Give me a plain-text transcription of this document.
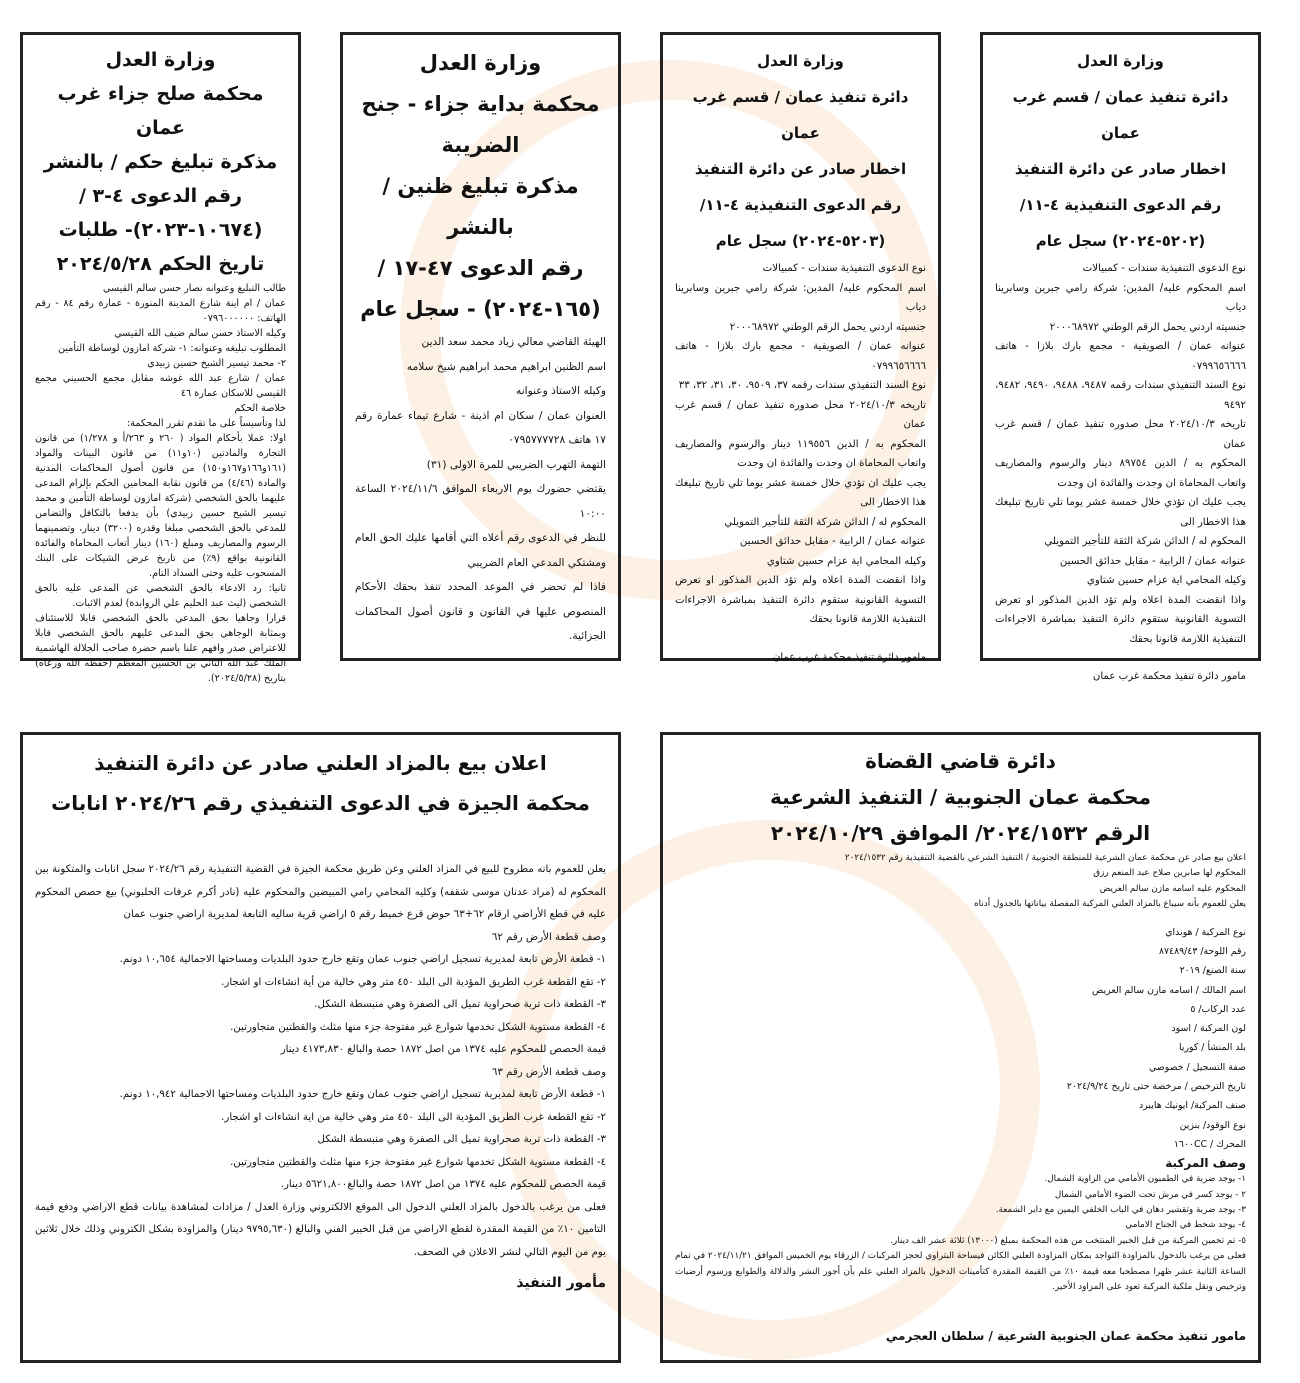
وزارة العدل
محكمة صلح جزاء غرب عمان
مذكرة تبليغ حكم / بالنشر
رقم الدعوى ٤-٣ / (١٠٦٧٤-٢٠٢٣)- طلبات
تاريخ الحكم ٢٠٢٤/٥/٢٨

طالب التبليغ وعنوانه نصار حسن سالم القيسي

عمان / ام اينة شارع المدينة المنورة - عمارة رقم ٨٤ - رقم الهاتف: ٠٧٩٦٠٠٠٠٠٠

وكيله الاستاذ حسن سالم ضيف الله القيسي

المطلوب تبليغه وعنوانه: ١- شركة امازون لوساطة التأمين

٢- محمد تيسير الشيخ حسين زبيدي

عمان / شارع عبد الله غوشه مقابل مجمع الحسيني مجمع القيسي للاسكان عمارة ٤٦

خلاصة الحكم

لذا وتأسيساً على ما تقدم تقرر المحكمة:

اولا: عملا بأحكام المواد ( ٢٦٠ و ٢٦٣/أ و ١/٢٧٨) من قانون التجارة والمادتين (١٠و١١) من قانون البينات والمواد (١٦١و١٦٦و١٦٧و١٥٠) من قانون أصول المحاكمات المدنية والمادة (٤/٤٦) من قانون نقابة المحامين الحكم بإلزام المدعى عليهما بالحق الشخصي (شركة امازون لوساطة التأمين و محمد تيسير الشيخ حسين زبيدي) بأن يدفعا بالتكافل والتضامن للمدعي بالحق الشخصي مبلغا وقدره (٣٢٠٠) دينار، وتضمينهما الرسوم والمصاريف ومبلغ (١٦٠) دينار أتعاب المحاماة والفائدة القانونية بواقع (٩٪) من تاريخ عرض الشيكات على البنك المسحوب عليه وحتى السداد التام.

ثانيا: رد الادعاء بالحق الشخصي عن المدعى عليه بالحق الشخصي (ليث عبد الحليم علي الروابدة) لعدم الاثبات.

قرارا وجاهيا بحق المدعي بالحق الشخصي قابلا للاستئناف وبمثابة الوجاهي بحق المدعى عليهم بالحق الشخصي قابلا للاعتراض صدر وافهم علنا باسم حضرة صاحب الجلالة الهاشمية الملك عبد الله الثاني بن الحسين المعظم (حفظه الله ورعاه) بتاريخ (٢٠٢٤/٥/٢٨).

وزارة العدل
محكمة بداية جزاء - جنح الضريبة
مذكرة تبليغ ظنين / بالنشر
رقم الدعوى ٤٧-١٧ / (١٦٥-٢٠٢٤) - سجل عام

الهيئة القاضي معالي زياد محمد سعد الدين

اسم الظنين ابراهيم محمد ابراهيم شيخ سلامه

وكيله الاستاذ وعنوانه

العنوان عمان / سكان ام اذينة - شارع تيماء عمارة رقم ١٧ هاتف ٠٧٩٥٧٧٧٧٢٨

التهمة التهرب الضريبي للمرة الاولى (٣١)

يقتضي حضورك يوم الاربعاء الموافق ٢٠٢٤/١١/٦ الساعة ١٠:٠٠

للنظر في الدعوى رقم أعلاه التي أقامها عليك الحق العام ومشتكي المدعي العام الضريبي

فاذا لم تحضر في الموعد المحدد تنفذ بحقك الأحكام المنصوص عليها في القانون و قانون أصول المحاكمات الجزائية.

وزارة العدل
دائرة تنفيذ عمان / قسم غرب عمان
اخطار صادر عن دائرة التنفيذ
رقم الدعوى التنفيذية ٤-١١/
(٥٢٠٣-٢٠٢٤) سجل عام

نوع الدعوى التنفيذية سندات - كمبيالات

اسم المحكوم عليه/ المدين: شركة رامي جبرين وسابرينا دياب

جنسيته اردني يحمل الرقم الوطني ٢٠٠٠٦٨٩٧٢

عنوانه عمان / الصويفية - مجمع بارك بلازا - هاتف ٠٧٩٩٦٥٦٦٦٦

نوع السند التنفيذي سندات رقمه ٣٧، ٩٥٠٩، ٣٠، ٣١، ٣٢، ٣٣

تاريخه ٢٠٢٤/١٠/٣ محل صدوره تنفيذ عمان / قسم غرب عمان

المحكوم به / الدين ١١٩٥٥٦ دينار والرسوم والمصاريف واتعاب المحاماة ان وجدت والفائدة ان وجدت

يجب عليك ان تؤدي خلال خمسة عشر يوما تلي تاريخ تبليغك هذا الاخطار الى

المحكوم له / الدائن شركة الثقة للتأجير التمويلي

عنوانه عمان / الرابية - مقابل حدائق الحسين

وكيله المحامي اية عزام حسين شتاوي

واذا انقضت المدة اعلاه ولم تؤد الدين المذكور او تعرض التسوية القانونية ستقوم دائرة التنفيذ بمباشرة الاجراءات التنفيذية اللازمة قانونا بحقك

مامور دائرة تنفيذ محكمة غرب عمان

وزارة العدل
دائرة تنفيذ عمان / قسم غرب عمان
اخطار صادر عن دائرة التنفيذ
رقم الدعوى التنفيذية ٤-١١/
(٥٢٠٢-٢٠٢٤) سجل عام

نوع الدعوى التنفيذية سندات - كمبيالات

اسم المحكوم عليه/ المدين: شركة رامي جبرين وسابرينا دياب

جنسيته اردني يحمل الرقم الوطني ٢٠٠٠٦٨٩٧٢

عنوانه عمان / الصويفية - مجمع بارك بلازا - هاتف ٠٧٩٩٦٥٦٦٦٦

نوع السند التنفيذي سندات رقمه ٩٤٨٧، ٩٤٨٨، ٩٤٩٠، ٩٤٨٢، ٩٤٩٢

تاريخه ٢٠٢٤/١٠/٣ محل صدوره تنفيذ عمان / قسم غرب عمان

المحكوم به / الدين ٨٩٧٥٤ دينار والرسوم والمصاريف واتعاب المحاماة ان وجدت والفائدة ان وجدت

يجب عليك ان تؤدي خلال خمسة عشر يوما تلي تاريخ تبليغك هذا الاخطار الى

المحكوم له / الدائن شركة الثقة للتأجير التمويلي

عنوانه عمان / الرابية - مقابل حدائق الحسين

وكيله المحامي اية عزام حسين شتاوي

واذا انقضت المدة اعلاه ولم تؤد الدين المذكور او تعرض التسوية القانونية ستقوم دائرة التنفيذ بمباشرة الاجراءات التنفيذية اللازمة قانونا بحقك

مامور دائرة تنفيذ محكمة غرب عمان

اعلان بيع بالمزاد العلني صادر عن دائرة التنفيذ
محكمة الجيزة في الدعوى التنفيذي رقم ٢٠٢٤/٢٦ انابات

يعلن للعموم بانه مطروح للبيع في المزاد العلني وعن طريق محكمة الجيزة في القضية التنفيذية رقم ٢٠٢٤/٢٦ سجل انابات والمتكونة بين المحكوم له (مراد عدنان موسى شقفه) وكليه المحامي رامي المبيضين والمحكوم عليه (نادر أكرم عرفات الحلبوني) بيع حصص المحكوم عليه في قطع الأراضي ارقام ٦٢+٦٣ حوض قرع خميط رقم ٥ اراضي قرية ساليه التابعة لمديرية اراضي جنوب عمان

وصف قطعة الأرض رقم ٦٢

١- قطعة الأرض تابعة لمديرية تسجيل اراضي جنوب عمان وتقع خارج حدود البلديات ومساحتها الاجمالية ١٠,٦٥٤ دونم.

٢- تقع القطعة غرب الطريق المؤدية الى البلد ٤٥٠ متر وهي خالية من أية انشاءات او اشجار.

٣- القطعة ذات تربة صحراوية تميل الى الصفرة وهي منبسطة الشكل.

٤- القطعة مستوية الشكل تخدمها شوارع غير مفتوحة جزء منها مثلث والقطتين متجاورتين.

قيمة الحصص للمحكوم عليه ١٣٧٤ من اصل ١٨٧٢ حصة والبالغ ٤١٧٣,٨٣٠ دينار

وصف قطعة الأرض رقم ٦٣

١- قطعة الأرض تابعة لمديرية تسجيل اراضي جنوب عمان وتقع خارج حدود البلديات ومساحتها الاجمالية ١٠,٩٤٢ دونم.

٢- تقع القطعة غرب الطريق المؤدية الى البلد ٤٥٠ متر وهي خالية من اية انشاءات او اشجار.

٣- القطعة ذات تربة صحراوية تميل الى الصفرة وهي منبسطة الشكل

٤- القطعة مستوية الشكل تخدمها شوارع غير مفتوحة جزء منها مثلث والقطتين متجاورتين.

قيمة الحصص للمحكوم عليه ١٣٧٤ من اصل ١٨٧٢ حصة والبالغ٥٦٢١,٨٠٠ دينار.

فعلى من يرغب بالدخول بالمزاد العلني الدخول الى الموقع الالكتروني وزارة العدل / مزادات لمشاهدة بيانات قطع الاراضي ودفع قيمة التامين ١٠٪ من القيمة المقدرة لقطع الاراضي من قبل الخبير الفني والبالغ (٩٧٩٥,٦٣٠ دينار) والمزاودة بشكل الكتروني وذلك خلال ثلاثين يوم من اليوم التالي لنشر الاعلان في الصحف.

مأمور التنفيذ

دائرة قاضي القضاة
محكمة عمان الجنوبية / التنفيذ الشرعية
الرقم ٢٠٢٤/١٥٣٢/ الموافق ٢٠٢٤/١٠/٢٩

اعلان بيع صادر عن محكمة عمان الشرعية للمنطقة الجنوبية / التنفيذ الشرعي بالقضية التنفيذية رقم ٢٠٢٤/١٥٣٢

المحكوم لها صابرين صلاح عبد المنعم رزق

المحكوم عليه اسامه مازن سالم العريض

يعلن للعموم بأنه سيباع بالمزاد العلني المركبة المفصلة بياناتها بالجدول أدناه

نوع المركبة / هونداي

رقم اللوحة/ ٨٧٤٨٩/٤٣

سنة الصنع/ ٢٠١٩

اسم المالك / اسامه مازن سالم العريض

عدد الركاب/ ٥

لون المركبة / اسود

بلد المنشأ / كوريا

صفة التسجيل / خصوصي

تاريخ الترخيص / مرخصة حتى تاريخ ٢٠٢٤/٩/٢٤

صنف المركبة/ ايونيك هايبرد

نوع الوقود/ بنزين

المحرك / ١٦٠٠CC

وصف المركبة

١- يوجد ضربة في الطمبون الأمامي من الزاوية الشمال.

٢ - يوجد كسر في مرش تحت الضوء الأمامي الشمال

٣- يوجد ضربة وتقشير دهان في الباب الخلفي اليمين مع داير الشمعة.

٤- يوجد شخط في الجناح الامامي

٥- تم تخمين المركبة من قبل الخبير المنتخب من هذه المحكمة بمبلغ (١٣٠٠٠) ثلاثة عشر الف دينار.

فعلى من يرغب بالدخول بالمزاودة التواجد بمكان المزاودة العلني الكائن فيساحة البتراوي لحجز المركبات / الزرقاء يوم الخميس الموافق ٢٠٢٤/١١/٢١ في تمام الساعة الثانية عشر ظهرا مصطحبا معه قيمة ١٠٪ من القيمة المقدرة كتأمينات الدخول بالمزاد العلني علم بأن أجور النشر والدلالة والطوابع ورسوم أرضيات وترخيص ونقل ملكية المركبة تعود على المزاود الأخير.

مامور تنفيذ محكمة عمان الجنوبية الشرعية / سلطان العجرمي
